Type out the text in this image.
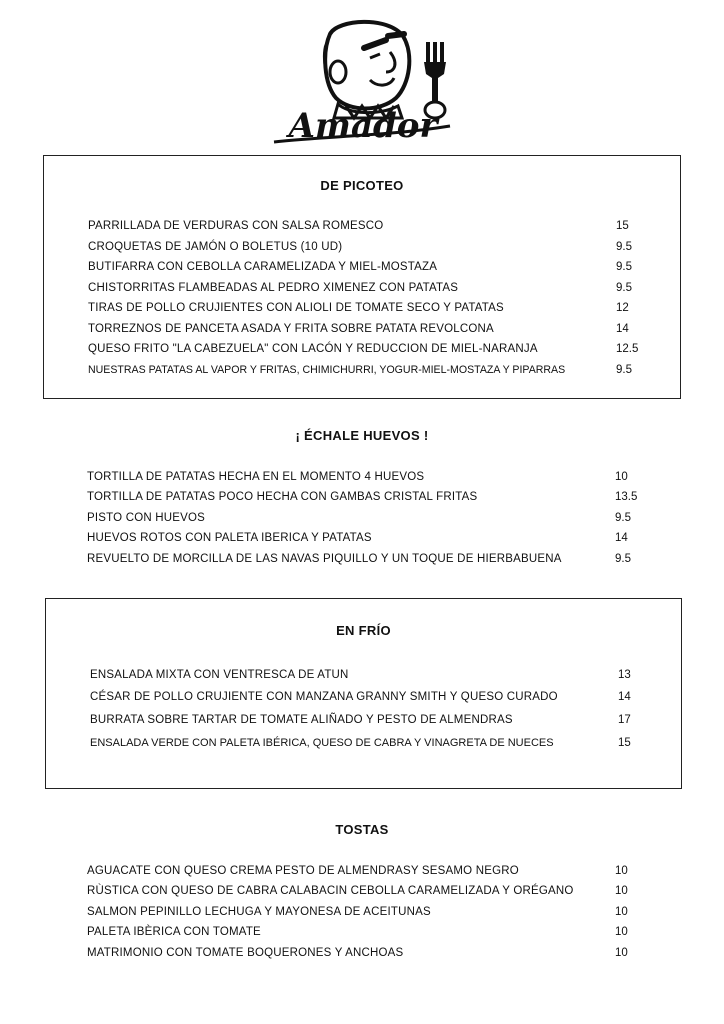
Amador
DE PICOTEO
PARRILLADA DE VERDURAS CON SALSA ROMESCO	15
CROQUETAS DE JAMÓN O BOLETUS (10 UD)	9.5
BUTIFARRA CON CEBOLLA CARAMELIZADA Y MIEL-MOSTAZA	9.5
CHISTORRITAS FLAMBEADAS AL PEDRO XIMENEZ CON PATATAS	9.5
TIRAS DE POLLO CRUJIENTES CON ALIOLI DE TOMATE SECO Y PATATAS	12
TORREZNOS DE PANCETA ASADA Y FRITA SOBRE PATATA REVOLCONA	14
QUESO FRITO "LA CABEZUELA" CON LACÓN Y REDUCCION DE MIEL-NARANJA	12.5
NUESTRAS PATATAS AL VAPOR Y FRITAS, CHIMICHURRI, YOGUR-MIEL-MOSTAZA Y PIPARRAS	9.5
¡ ÉCHALE HUEVOS !
TORTILLA DE PATATAS HECHA EN EL MOMENTO 4 HUEVOS	10
TORTILLA DE PATATAS POCO HECHA CON GAMBAS CRISTAL FRITAS	13.5
PISTO CON HUEVOS	9.5
HUEVOS ROTOS CON PALETA IBERICA Y PATATAS	14
REVUELTO DE MORCILLA DE LAS NAVAS PIQUILLO Y UN TOQUE DE HIERBABUENA	9.5
EN FRÍO
ENSALADA MIXTA CON VENTRESCA DE ATUN	13
CÉSAR DE POLLO CRUJIENTE CON MANZANA GRANNY SMITH Y QUESO CURADO	14
BURRATA SOBRE TARTAR DE TOMATE ALIÑADO Y PESTO DE ALMENDRAS	17
ENSALADA VERDE CON PALETA IBÉRICA, QUESO DE CABRA Y VINAGRETA DE NUECES	15
TOSTAS
AGUACATE CON QUESO CREMA PESTO DE ALMENDRASY SESAMO NEGRO	10
RÙSTICA CON QUESO DE CABRA CALABACIN CEBOLLA CARAMELIZADA Y ORÉGANO	10
SALMON PEPINILLO LECHUGA Y MAYONESA DE ACEITUNAS	10
PALETA IBÈRICA CON TOMATE	10
MATRIMONIO CON TOMATE BOQUERONES Y ANCHOAS	10
